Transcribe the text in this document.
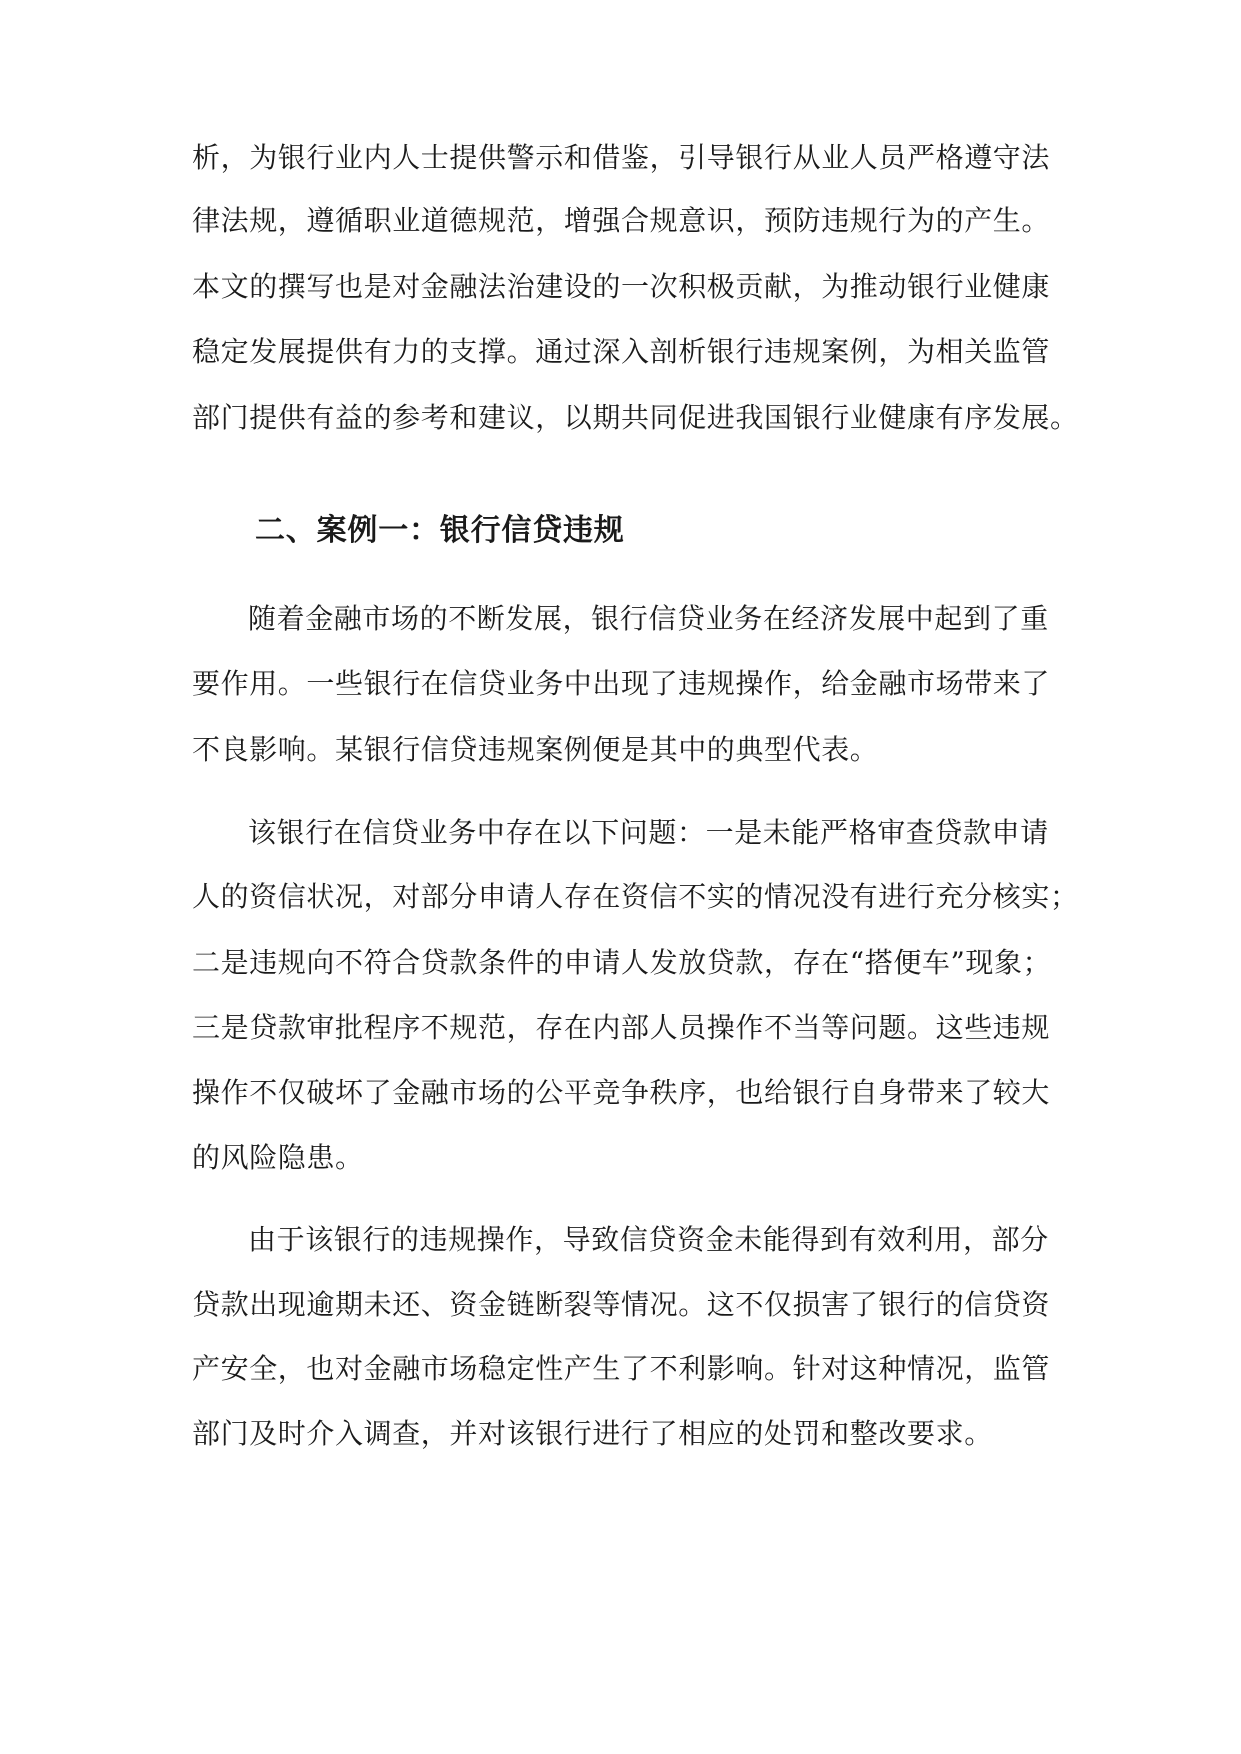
析，为银行业内人士提供警示和借鉴，引导银行从业人员严格遵守法
律法规，遵循职业道德规范，增强合规意识，预防违规行为的产生。
本文的撰写也是对金融法治建设的一次积极贡献，为推动银行业健康
稳定发展提供有力的支撑。通过深入剖析银行违规案例，为相关监管
部门提供有益的参考和建议，以期共同促进我国银行业健康有序发展。
二、案例一：银行信贷违规
随着金融市场的不断发展，银行信贷业务在经济发展中起到了重
要作用。一些银行在信贷业务中出现了违规操作，给金融市场带来了
不良影响。某银行信贷违规案例便是其中的典型代表。
该银行在信贷业务中存在以下问题：一是未能严格审查贷款申请
人的资信状况，对部分申请人存在资信不实的情况没有进行充分核实；
二是违规向不符合贷款条件的申请人发放贷款，存在“搭便车”现象；
三是贷款审批程序不规范，存在内部人员操作不当等问题。这些违规
操作不仅破坏了金融市场的公平竞争秩序，也给银行自身带来了较大
的风险隐患。
由于该银行的违规操作，导致信贷资金未能得到有效利用，部分
贷款出现逾期未还、资金链断裂等情况。这不仅损害了银行的信贷资
产安全，也对金融市场稳定性产生了不利影响。针对这种情况，监管
部门及时介入调查，并对该银行进行了相应的处罚和整改要求。
